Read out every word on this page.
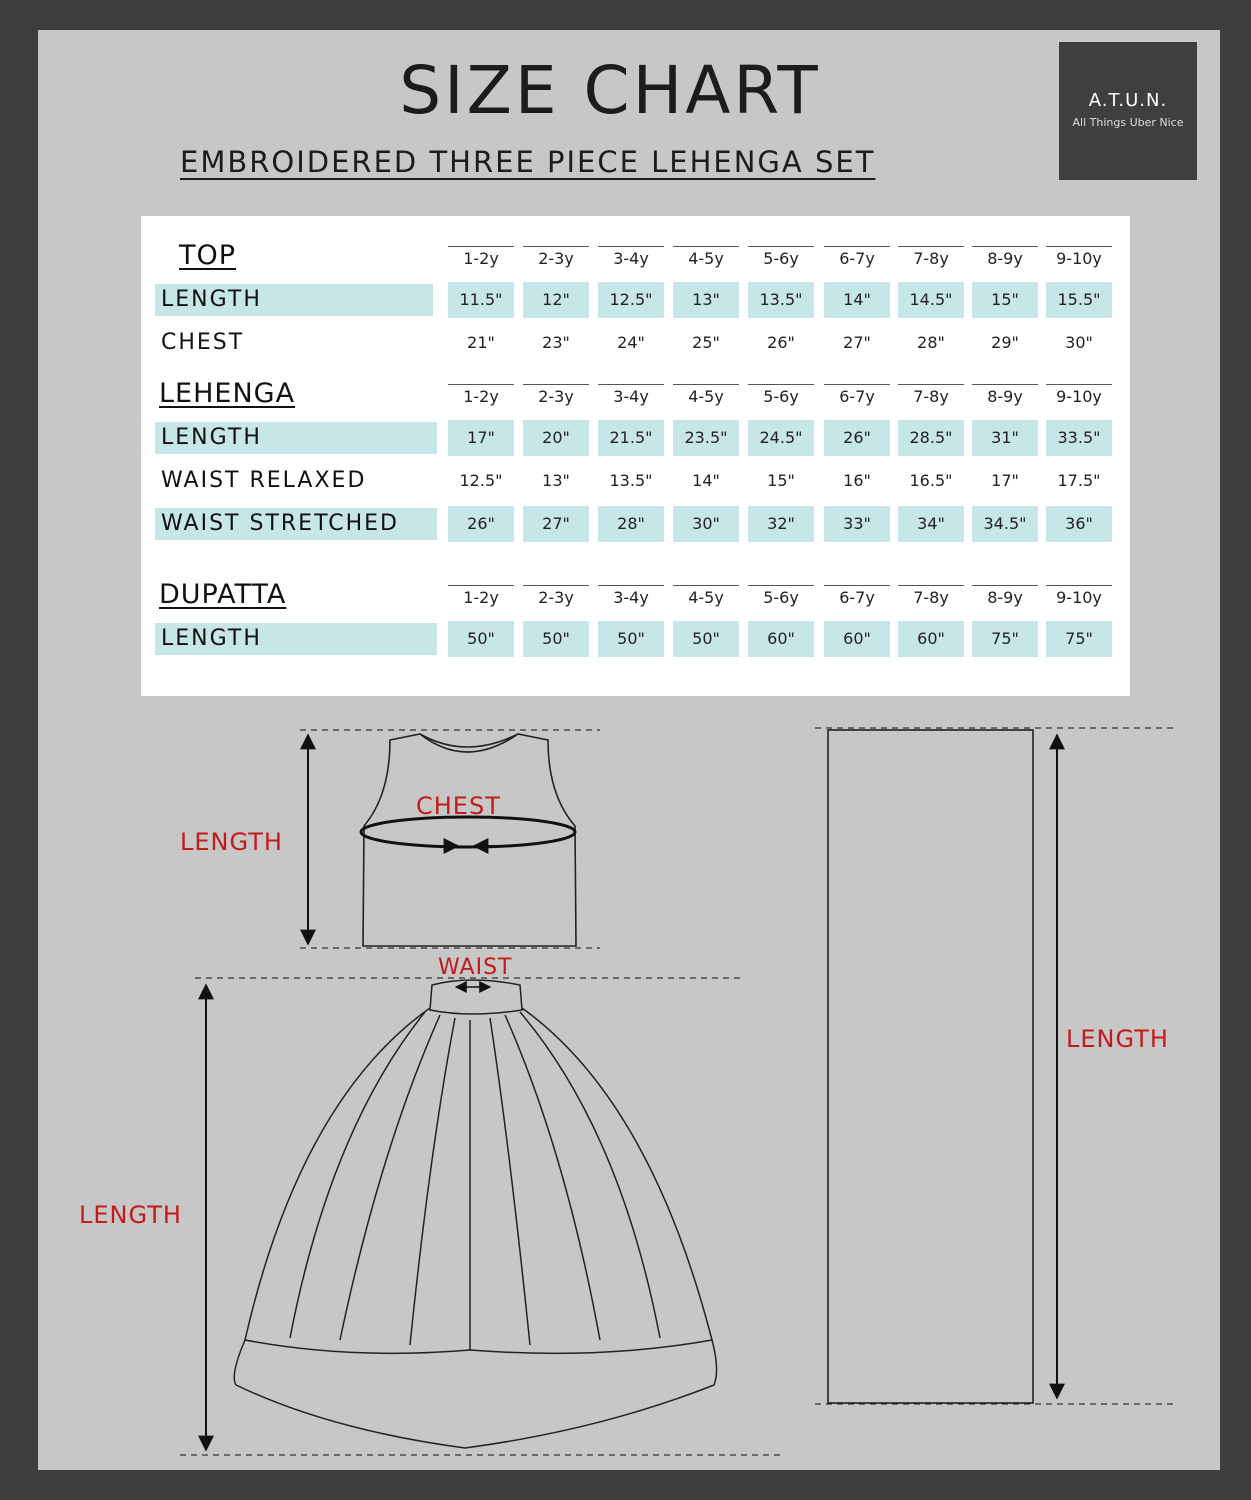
SIZE CHART
EMBROIDERED THREE PIECE LEHENGA SET
A.T.U.N.
All Things Uber Nice
TOP	1-2y	2-3y	3-4y	4-5y	5-6y	6-7y	7-8y	8-9y	9-10y
LENGTH	11.5"	12"	12.5"	13"	13.5"	14"	14.5"	15"	15.5"
CHEST	21"	23"	24"	25"	26"	27"	28"	29"	30"
LEHENGA	1-2y	2-3y	3-4y	4-5y	5-6y	6-7y	7-8y	8-9y	9-10y
LENGTH	17"	20"	21.5"	23.5"	24.5"	26"	28.5"	31"	33.5"
WAIST RELAXED	12.5"	13"	13.5"	14"	15"	16"	16.5"	17"	17.5"
WAIST STRETCHED	26"	27"	28"	30"	32"	33"	34"	34.5"	36"
DUPATTA	1-2y	2-3y	3-4y	4-5y	5-6y	6-7y	7-8y	8-9y	9-10y
LENGTH	50"	50"	50"	50"	60"	60"	60"	75"	75"
LENGTH
CHEST
WAIST
LENGTH
LENGTH
